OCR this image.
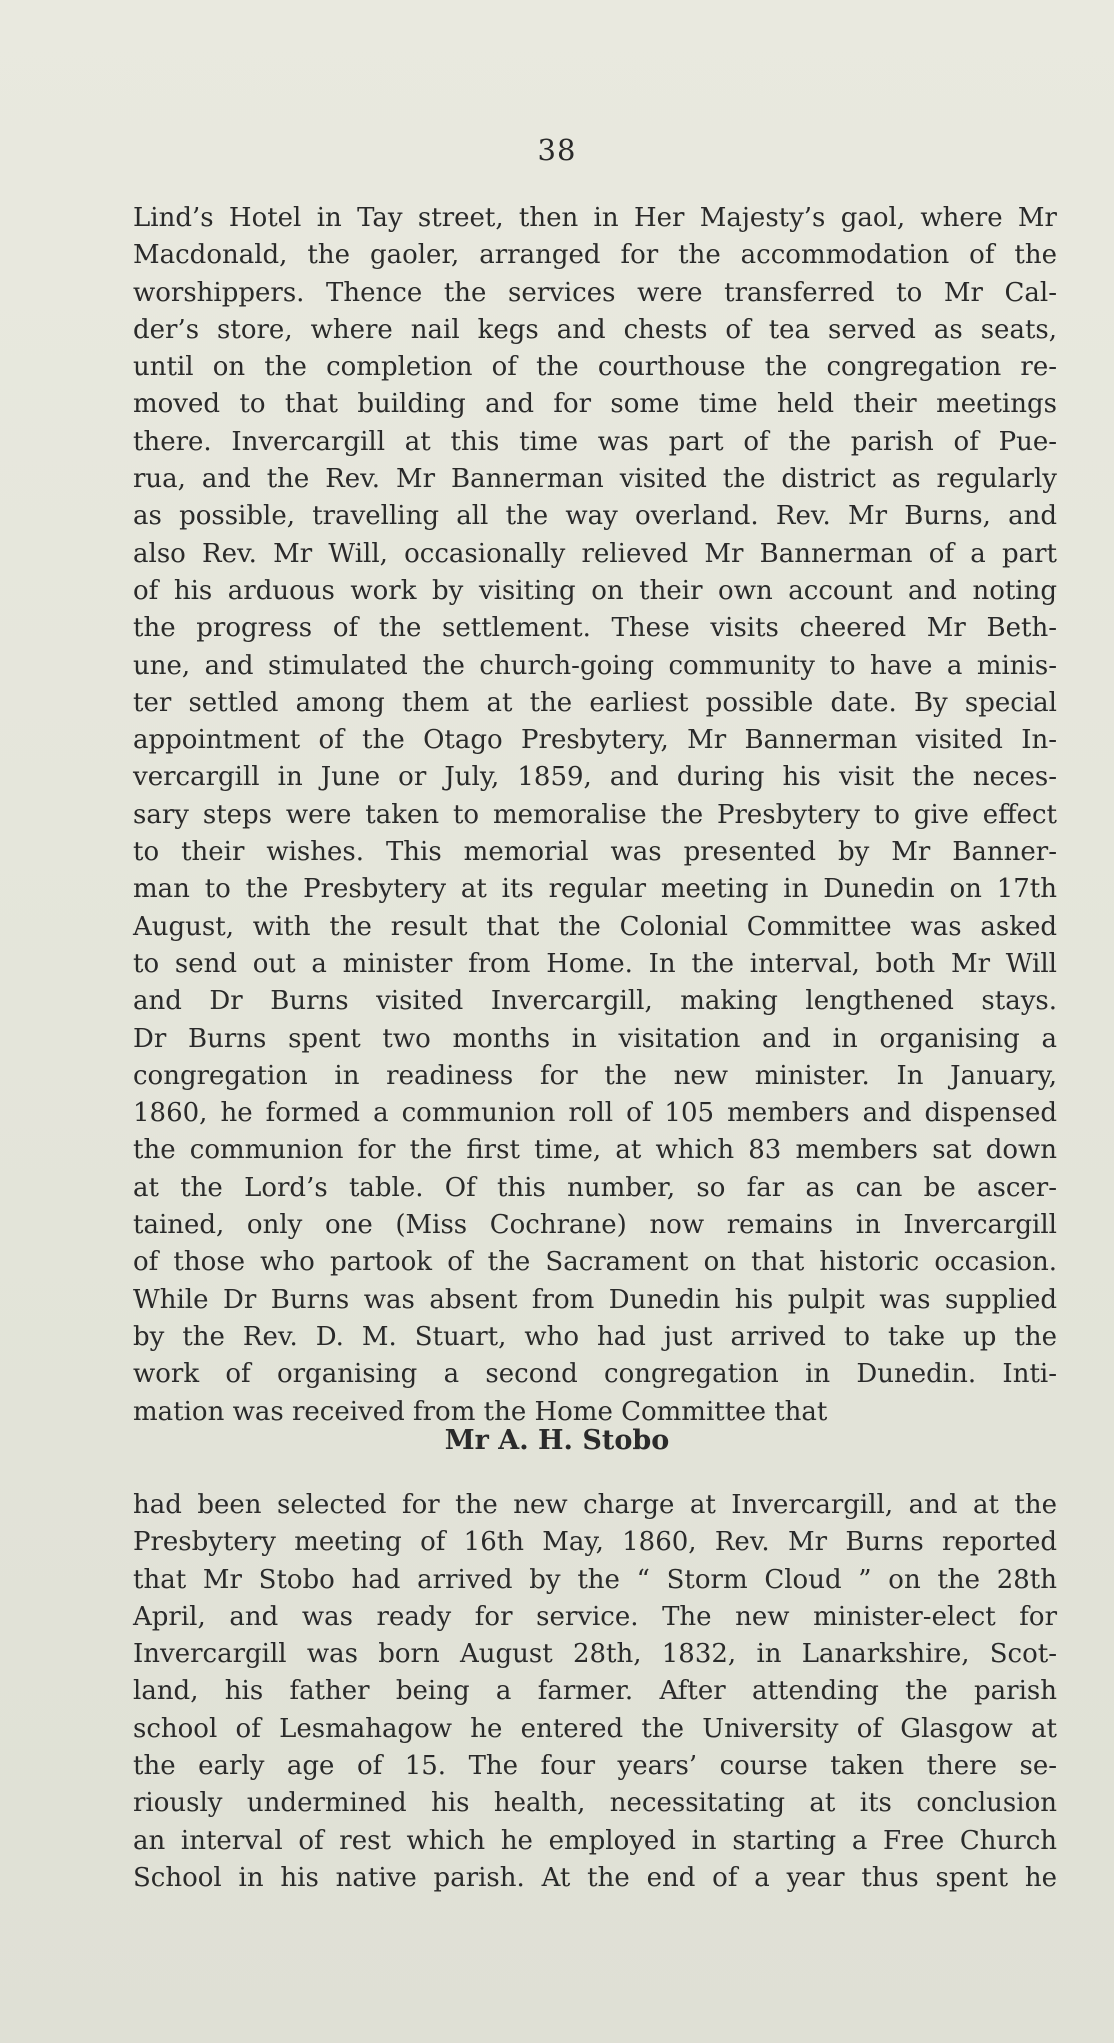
38
Lind’s Hotel in Tay street, then in Her Majesty’s gaol, where Mr
Macdonald, the gaoler, arranged for the accommodation of the
worshippers. Thence the services were transferred to Mr Cal-
der’s store, where nail kegs and chests of tea served as seats,
until on the completion of the courthouse the congregation re-
moved to that building and for some time held their meetings
there. Invercargill at this time was part of the parish of Pue-
rua, and the Rev. Mr Bannerman visited the district as regularly
as possible, travelling all the way overland. Rev. Mr Burns, and
also Rev. Mr Will, occasionally relieved Mr Bannerman of a part
of his arduous work by visiting on their own account and noting
the progress of the settlement. These visits cheered Mr Beth-
une, and stimulated the church-going community to have a minis-
ter settled among them at the earliest possible date. By special
appointment of the Otago Presbytery, Mr Bannerman visited In-
vercargill in June or July, 1859, and during his visit the neces-
sary steps were taken to memoralise the Presbytery to give effect
to their wishes. This memorial was presented by Mr Banner-
man to the Presbytery at its regular meeting in Dunedin on 17th
August, with the result that the Colonial Committee was asked
to send out a minister from Home. In the interval, both Mr Will
and Dr Burns visited Invercargill, making lengthened stays.
Dr Burns spent two months in visitation and in organising a
congregation in readiness for the new minister. In January,
1860, he formed a communion roll of 105 members and dispensed
the communion for the first time, at which 83 members sat down
at the Lord’s table. Of this number, so far as can be ascer-
tained, only one (Miss Cochrane) now remains in Invercargill
of those who partook of the Sacrament on that historic occasion.
While Dr Burns was absent from Dunedin his pulpit was supplied
by the Rev. D. M. Stuart, who had just arrived to take up the
work of organising a second congregation in Dunedin. Inti-
mation was received from the Home Committee that
Mr A. H. Stobo
had been selected for the new charge at Invercargill, and at the
Presbytery meeting of 16th May, 1860, Rev. Mr Burns reported
that Mr Stobo had arrived by the “ Storm Cloud ” on the 28th
April, and was ready for service. The new minister-elect for
Invercargill was born August 28th, 1832, in Lanarkshire, Scot-
land, his father being a farmer. After attending the parish
school of Lesmahagow he entered the University of Glasgow at
the early age of 15. The four years’ course taken there se-
riously undermined his health, necessitating at its conclusion
an interval of rest which he employed in starting a Free Church
School in his native parish. At the end of a year thus spent he
